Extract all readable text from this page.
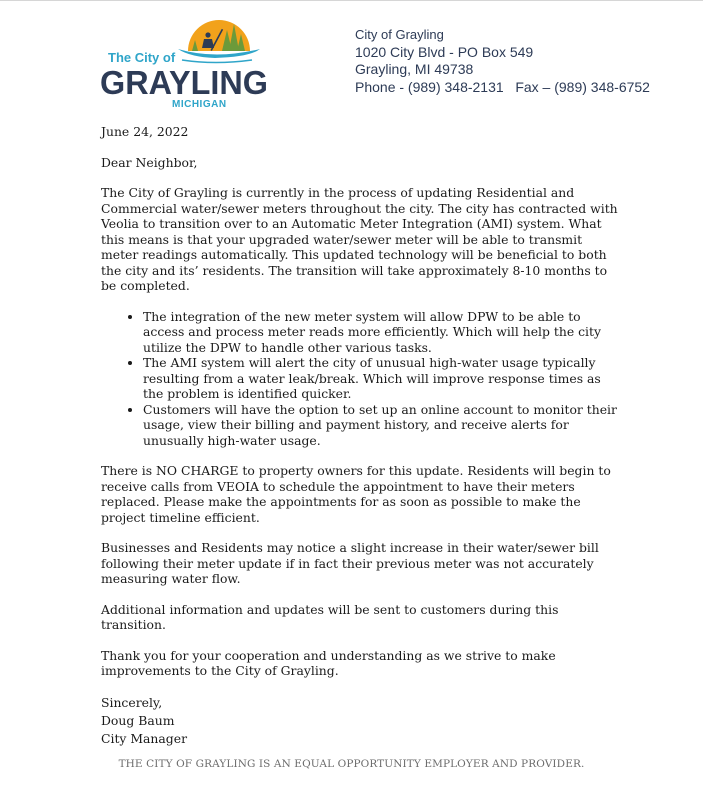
The City of
GRAYLING
MICHIGAN
City of Grayling
1020 City Blvd - PO Box 549
Grayling, MI 49738
Phone - (989) 348-2131   Fax – (989) 348-6752

June 24, 2022

Dear Neighbor,

The City of Grayling is currently in the process of updating Residential and Commercial water/sewer meters throughout the city. The city has contracted with Veolia to transition over to an Automatic Meter Integration (AMI) system. What this means is that your upgraded water/sewer meter will be able to transmit meter readings automatically. This updated technology will be beneficial to both the city and its’ residents. The transition will take approximately 8-10 months to be completed.

• The integration of the new meter system will allow DPW to be able to access and process meter reads more efficiently. Which will help the city utilize the DPW to handle other various tasks.
• The AMI system will alert the city of unusual high-water usage typically resulting from a water leak/break. Which will improve response times as the problem is identified quicker.
• Customers will have the option to set up an online account to monitor their usage, view their billing and payment history, and receive alerts for unusually high-water usage.

There is NO CHARGE to property owners for this update. Residents will begin to receive calls from VEOIA to schedule the appointment to have their meters replaced. Please make the appointments for as soon as possible to make the project timeline efficient.

Businesses and Residents may notice a slight increase in their water/sewer bill following their meter update if in fact their previous meter was not accurately measuring water flow.

Additional information and updates will be sent to customers during this transition.

Thank you for your cooperation and understanding as we strive to make improvements to the City of Grayling.

Sincerely,
Doug Baum
City Manager
THE CITY OF GRAYLING IS AN EQUAL OPPORTUNITY EMPLOYER AND PROVIDER.
